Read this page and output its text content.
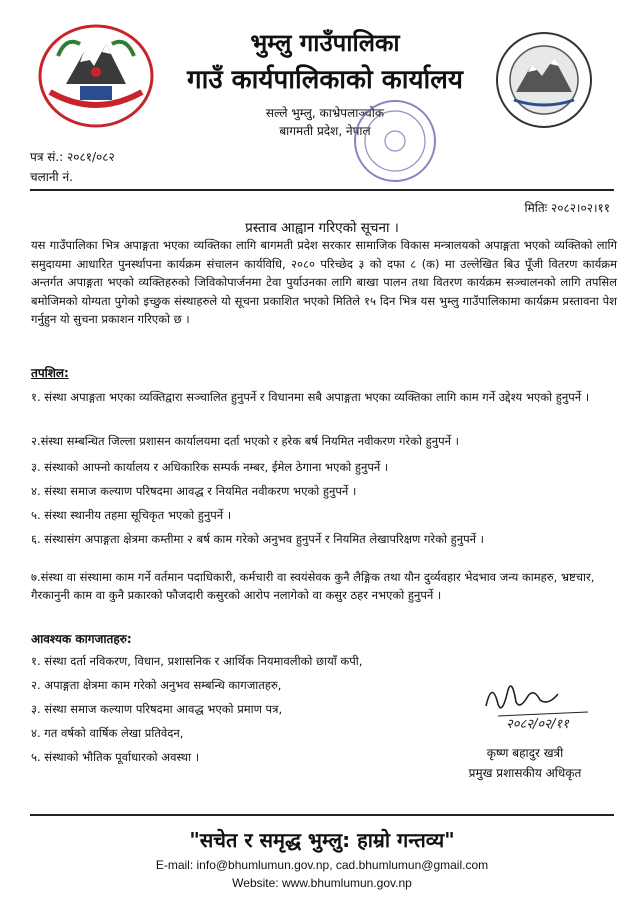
भुम्लु गाउँपालिका
गाउँ कार्यपालिकाको कार्यालय
सल्ले भुम्लु, काभ्रेपलाञ्चोक
बागमती प्रदेश, नेपाल
पत्र सं.: २०८१/०८२
चलानी नं.
मितिः २०८२।०२।११
प्रस्ताव आह्वान गरिएको सूचना ।
यस गाउँपालिका भित्र अपाङ्गता भएका व्यक्तिका लागि बागमती प्रदेश सरकार सामाजिक विकास मन्त्रालयको अपाङ्गता भएको व्यक्तिको लागि समुदायमा आधारित पुनर्स्थापना कार्यक्रम संचालन कार्यविधि, २०८० परिच्छेद ३ को दफा ८ (क) मा उल्लेखित बिउ पूँजी वितरण कार्यक्रम अन्तर्गत अपाङ्गता भएको व्यक्तिहरुको जिविकोपार्जनमा टेवा पुर्याउनका लागि बाखा पालन तथा वितरण कार्यक्रम सञ्चालनको लागि तपसिल बमोजिमको योग्यता पुगेको इच्छुक संस्थाहरुले यो सूचना प्रकाशित भएको मितिले १५ दिन भित्र यस भुम्लु गाउँपालिकामा कार्यक्रम प्रस्तावना पेश गर्नुहुन यो सुचना प्रकाशन गरिएको छ ।
तपशिल:
१. संस्था अपाङ्गता भएका व्यक्तिद्वारा सञ्चालित हुनुपर्ने र विधानमा सबै अपाङ्गता भएका व्यक्तिका लागि काम गर्ने उद्देश्य भएको हुनुपर्ने ।
२.संस्था सम्बन्धित जिल्ला प्रशासन कार्यालयमा दर्ता भएको र हरेक बर्ष नियमित नवीकरण गरेको हुनुपर्ने ।
३. संस्थाको आफ्नो कार्यालय र अधिकारिक सम्पर्क नम्बर, ईमेल ठेगाना भएको हुनुपर्ने ।
४. संस्था समाज कल्याण परिषदमा आवद्ध र नियमित नवीकरण भएको हुनुपर्ने ।
५. संस्था स्थानीय तहमा सूचिकृत भएको हुनुपर्ने ।
६. संस्थासंग अपाङ्गता क्षेत्रमा कम्तीमा २ बर्ष काम गरेको अनुभव हुनुपर्ने र नियमित लेखापरिक्षण गरेको हुनुपर्ने ।
७.संस्था वा संस्थामा काम गर्ने वर्तमान पदाधिकारी, कर्मचारी वा स्वयंसेवक कुनै लैङ्गिक तथा यौन दुर्व्यवहार भेदभाव जन्य कामहरु, भ्रष्टचार, गैरकानुनी काम वा कुनै प्रकारको फौजदारी कसुरको आरोप नलागेको वा कसुर ठहर नभएको हुनुपर्ने ।
आवश्यक कागजातहरु:
१. संस्था दर्ता नविकरण, विधान, प्रशासनिक र आर्थिक नियमावलीको छायाँ कपी,
२. अपाङ्गता क्षेत्रमा काम गरेको अनुभव सम्बन्धि कागजातहरु,
३. संस्था समाज कल्याण परिषदमा आवद्ध भएको प्रमाण पत्र,
४. गत वर्षको वार्षिक लेखा प्रतिवेदन,
५. संस्थाको भौतिक पूर्वाधारको अवस्था ।
२०८२/०२/११
कृष्ण बहादुर खत्री
प्रमुख प्रशासकीय अधिकृत
"सचेत र समृद्ध भुम्लु: हाम्रो गन्तव्य"
E-mail: info@bhumlumun.gov.np, cad.bhumlumun@gmail.com
Website: www.bhumlumun.gov.np
